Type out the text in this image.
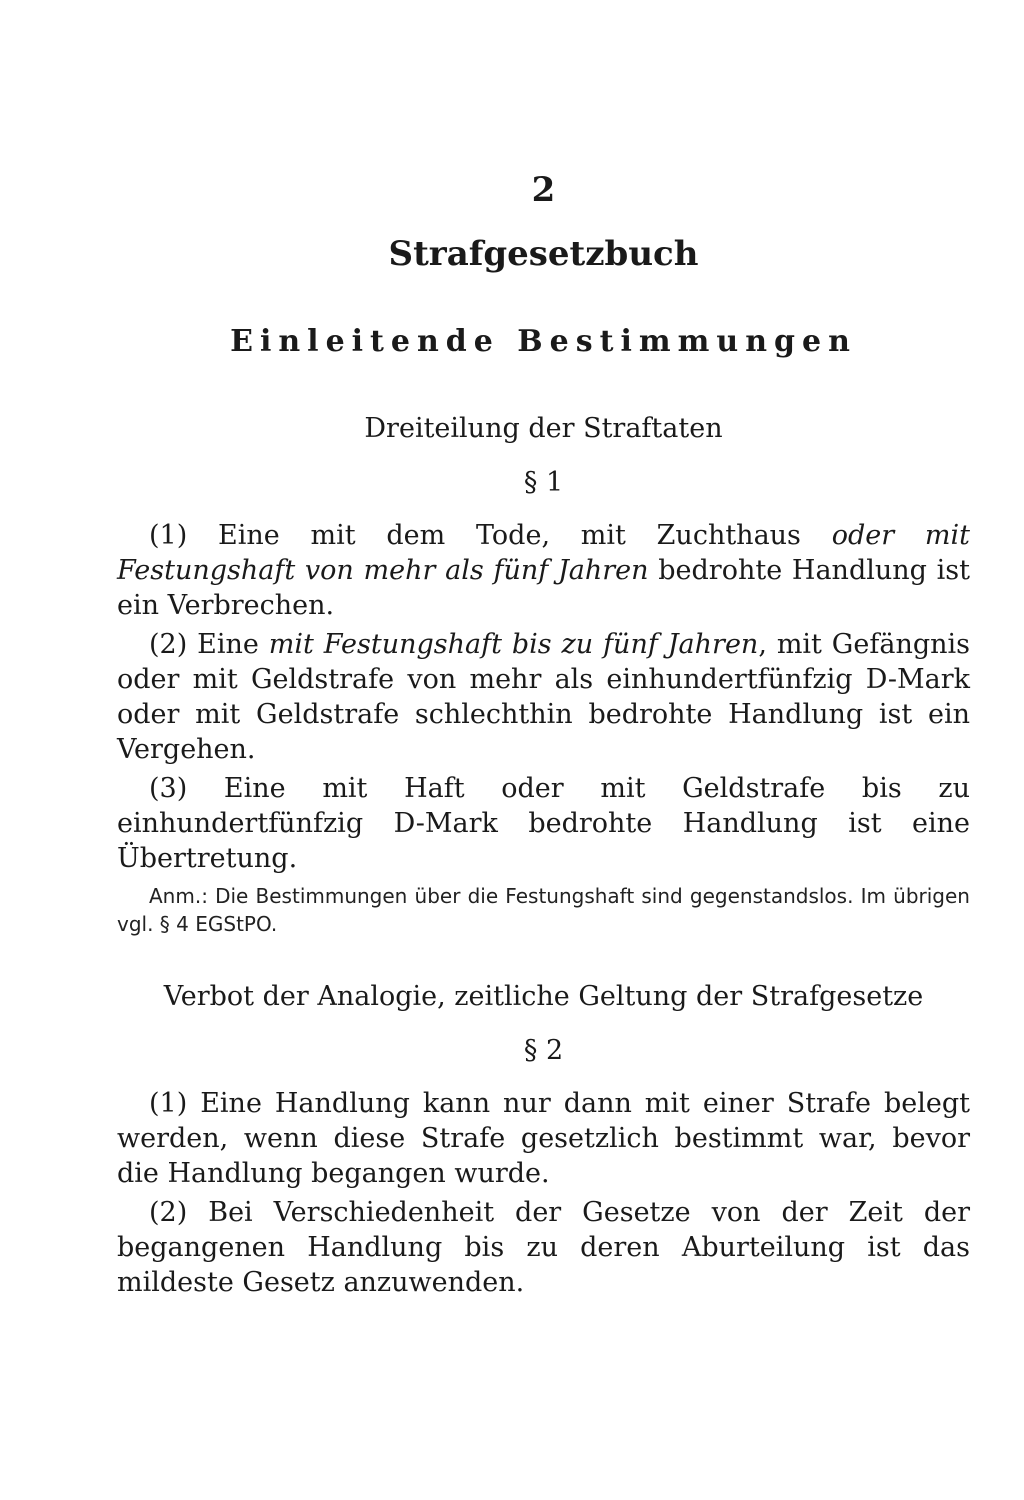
2
Strafgesetzbuch
Einleitende Bestimmungen
Dreiteilung der Straftaten
§ 1

(1) Eine mit dem Tode, mit Zuchthaus oder mit Festungshaft von mehr als fünf Jahren bedrohte Handlung ist ein Verbrechen.

(2) Eine mit Festungshaft bis zu fünf Jahren, mit Gefängnis oder mit Geldstrafe von mehr als einhundertfünfzig D-Mark oder mit Geldstrafe schlechthin bedrohte Handlung ist ein Vergehen.

(3) Eine mit Haft oder mit Geldstrafe bis zu einhundertfünfzig D-Mark bedrohte Handlung ist eine Übertretung.

Anm.: Die Bestimmungen über die Festungshaft sind gegenstandslos. Im übrigen vgl. § 4 EGStPO.

Verbot der Analogie, zeitliche Geltung der Strafgesetze
§ 2

(1) Eine Handlung kann nur dann mit einer Strafe belegt werden, wenn diese Strafe gesetzlich bestimmt war, bevor die Handlung begangen wurde.

(2) Bei Verschiedenheit der Gesetze von der Zeit der begangenen Handlung bis zu deren Aburteilung ist das mildeste Gesetz anzuwenden.
